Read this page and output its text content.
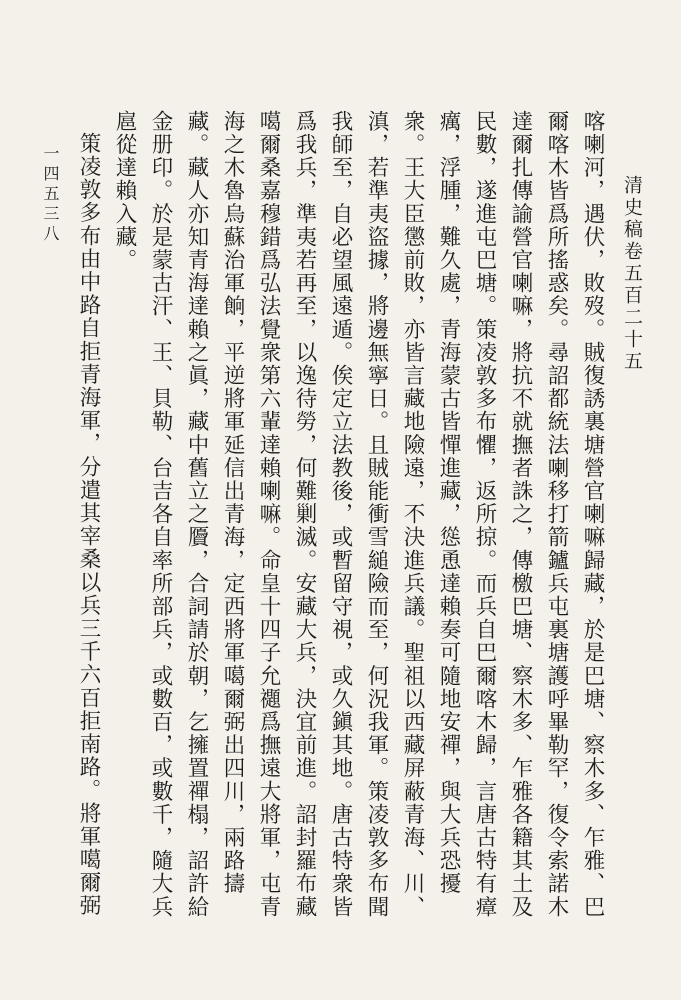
清史稿卷五百二十五
一四五三八	喀喇河，遇伏，敗歿。賊復誘裏塘營官喇嘛歸藏，於是巴塘、察木多、乍雅、巴爾喀木皆爲所搖惑矣。尋詔都統法喇移打箭鑪兵屯裏塘護呼畢勒罕，復令索諾木達爾扎傳諭營官喇嘛，將抗不就撫者誅之，傳檄巴塘、察木多、乍雅各籍其土及民數，遂進屯巴塘。策凌敦多布懼，返所掠。而兵自巴爾喀木歸，言唐古特有瘴癘，浮腫，難久處，青海蒙古皆憚進藏，慫恿達賴奏可隨地安禪，與大兵恐擾衆。王大臣懲前敗，亦皆言藏地險遠，不決進兵議。聖祖以西藏屏蔽青海、川、滇，若準夷盜據，將邊無寧日。且賊能衝雪縋險而至，何況我軍。策凌敦多布聞我師至，自必望風遠遁。俟定立法教後，或暫留守視，或久鎭其地。唐古特衆皆爲我兵，準夷若再至，以逸待勞，何難剿滅。安藏大兵，決宜前進。詔封羅布藏噶爾桑嘉穆錯爲弘法覺衆第六輩達賴喇嘛。命皇十四子允禵爲撫遠大將軍，屯青海之木魯烏蘇治軍餉，平逆將軍延信出青海，定西將軍噶爾弼出四川，兩路擣藏。藏人亦知青海達賴之眞，藏中舊立之贗，合詞請於朝，乞擁置禪榻，詔許給金册印。於是蒙古汗、王、貝勒、台吉各自率所部兵，或數百，或數千，隨大兵扈從達賴入藏。

策凌敦多布由中路自拒青海軍，分遣其宰桑以兵三千六百拒南路。將軍噶爾弼
